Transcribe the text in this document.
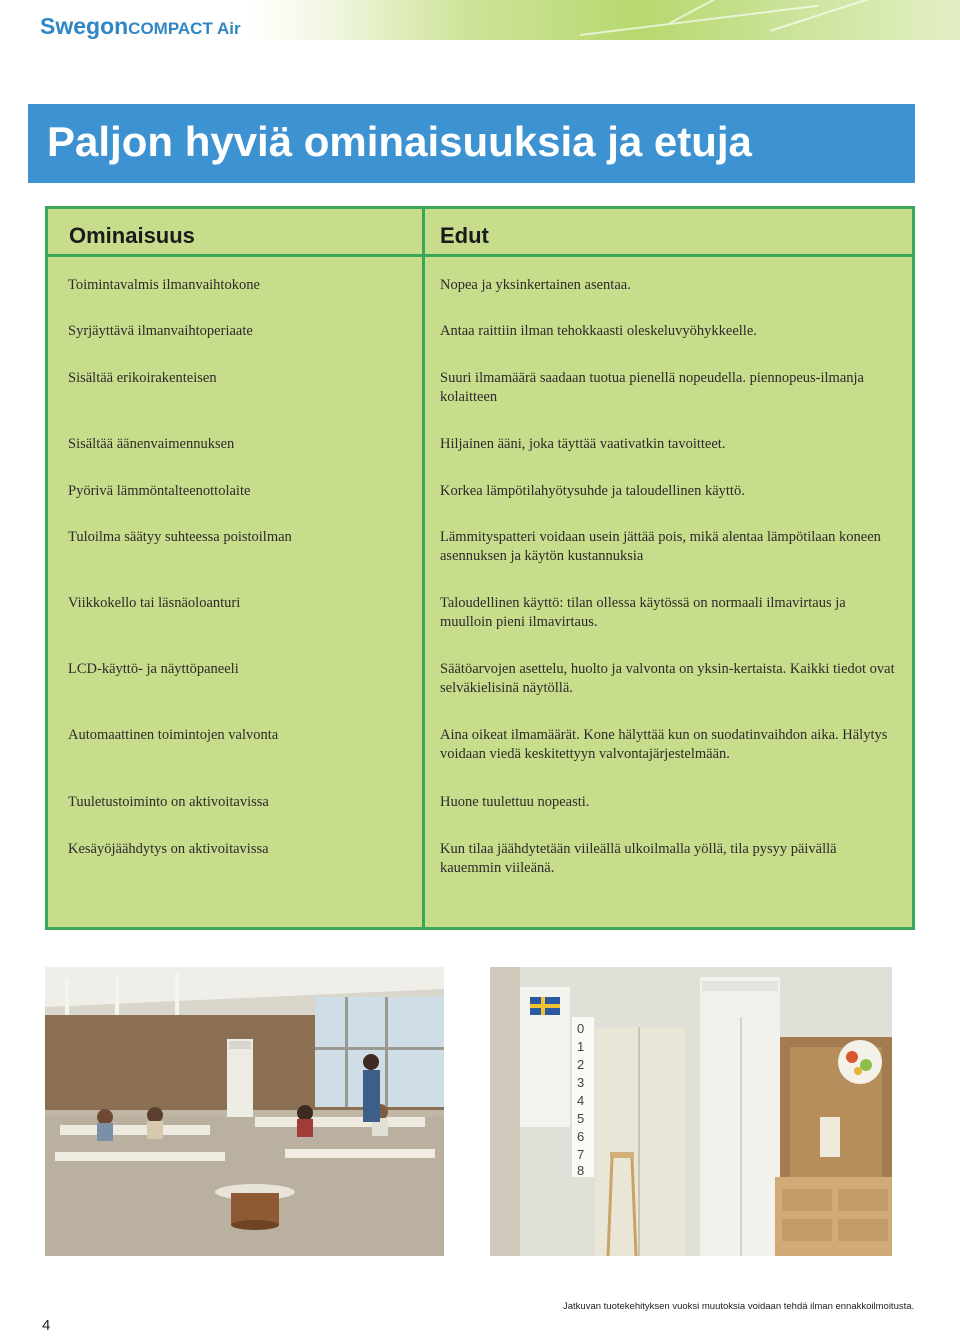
SwegonCOMPACT Air
Paljon hyviä ominaisuuksia ja etuja
Ominaisuus	Edut
Toimintavalmis ilmanvaihtokone	Nopea ja yksinkertainen asentaa.
Syrjäyttävä ilmanvaihtoperiaate	Antaa raittiin ilman tehokkaasti oleskeluvyöhykkeelle.
Sisältää erikoirakenteisen	Suuri ilmamäärä saadaan tuotua pienellä nopeudella. piennopeus-ilmanja kolaitteen
Sisältää äänenvaimennuksen	Hiljainen ääni, joka täyttää vaativatkin tavoitteet.
Pyörivä lämmöntalteenottolaite	Korkea lämpötilahyötysuhde ja taloudellinen käyttö.
Tuloilma säätyy suhteessa poistoilman	Lämmityspatteri voidaan usein jättää pois, mikä alentaa lämpötilaan koneen asennuksen ja käytön kustannuksia
Viikkokello tai läsnäoloanturi	Taloudellinen käyttö: tilan ollessa käytössä on normaali ilmavirtaus ja muulloin pieni ilmavirtaus.
LCD-käyttö- ja näyttöpaneeli	Säätöarvojen asettelu, huolto ja valvonta on yksin-kertaista. Kaikki tiedot ovat selväkielisinä näytöllä.
Automaattinen toimintojen valvonta	Aina oikeat ilmamäärät. Kone hälyttää kun on suodatinvaihdon aika. Hälytys voidaan viedä keskitettyyn valvontajärjestelmään.
Tuuletustoiminto on aktivoitavissa	Huone tuulettuu nopeasti.
Kesäyöjäähdytys on aktivoitavissa	Kun tilaa jäähdytetään viileällä ulkoilmalla yöllä, tila pysyy päivällä kauemmin viileänä.
0
1
2
3
4
5
6
7
8
4
Jatkuvan tuotekehityksen vuoksi muutoksia voidaan tehdä ilman ennakkoilmoitusta.
